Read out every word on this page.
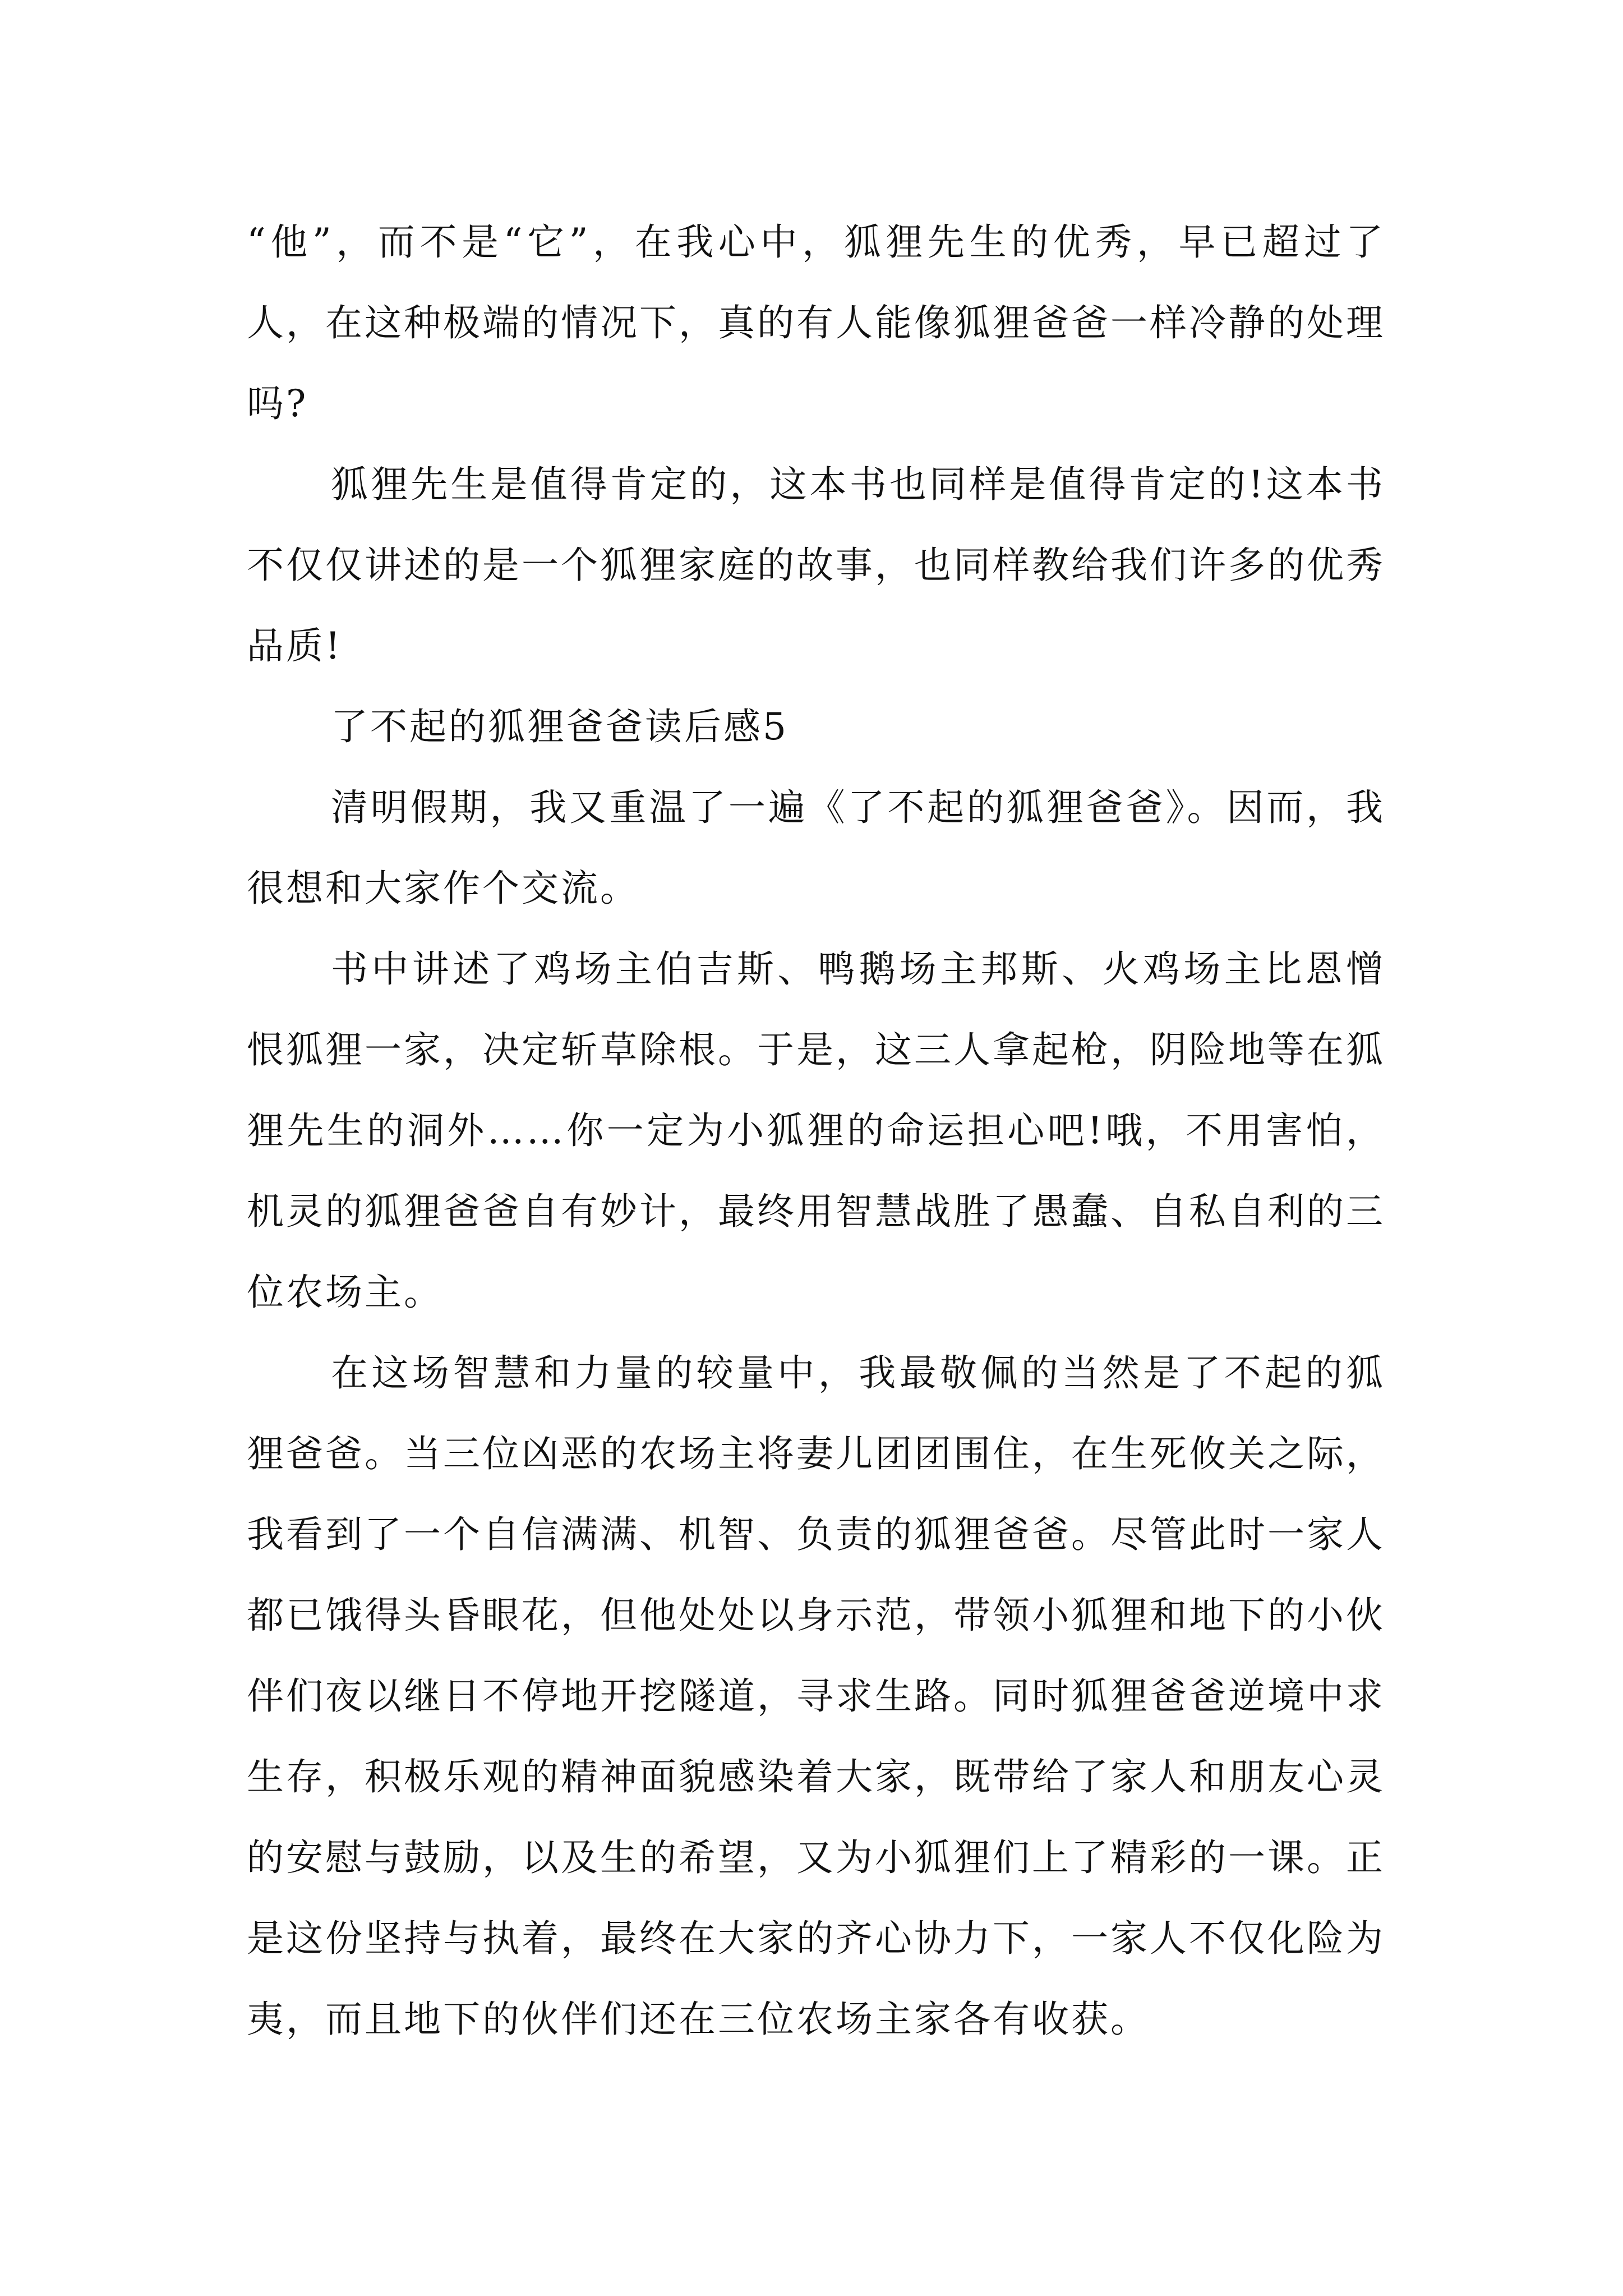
“他”，而不是“它”，在我心中，狐狸先生的优秀，早已超过了人，在这种极端的情况下，真的有人能像狐狸爸爸一样冷静的处理吗?

狐狸先生是值得肯定的，这本书也同样是值得肯定的!这本书不仅仅讲述的是一个狐狸家庭的故事，也同样教给我们许多的优秀品质!

了不起的狐狸爸爸读后感5

清明假期，我又重温了一遍《了不起的狐狸爸爸》。因而，我很想和大家作个交流。

书中讲述了鸡场主伯吉斯、鸭鹅场主邦斯、火鸡场主比恩憎恨狐狸一家，决定斩草除根。于是，这三人拿起枪，阴险地等在狐狸先生的洞外……你一定为小狐狸的命运担心吧!哦，不用害怕，机灵的狐狸爸爸自有妙计，最终用智慧战胜了愚蠢、自私自利的三位农场主。

在这场智慧和力量的较量中，我最敬佩的当然是了不起的狐狸爸爸。当三位凶恶的农场主将妻儿团团围住，在生死攸关之际，我看到了一个自信满满、机智、负责的狐狸爸爸。尽管此时一家人都已饿得头昏眼花，但他处处以身示范，带领小狐狸和地下的小伙伴们夜以继日不停地开挖隧道，寻求生路。同时狐狸爸爸逆境中求生存，积极乐观的精神面貌感染着大家，既带给了家人和朋友心灵的安慰与鼓励，以及生的希望，又为小狐狸们上了精彩的一课。正是这份坚持与执着，最终在大家的齐心协力下，一家人不仅化险为夷，而且地下的伙伴们还在三位农场主家各有收获。
